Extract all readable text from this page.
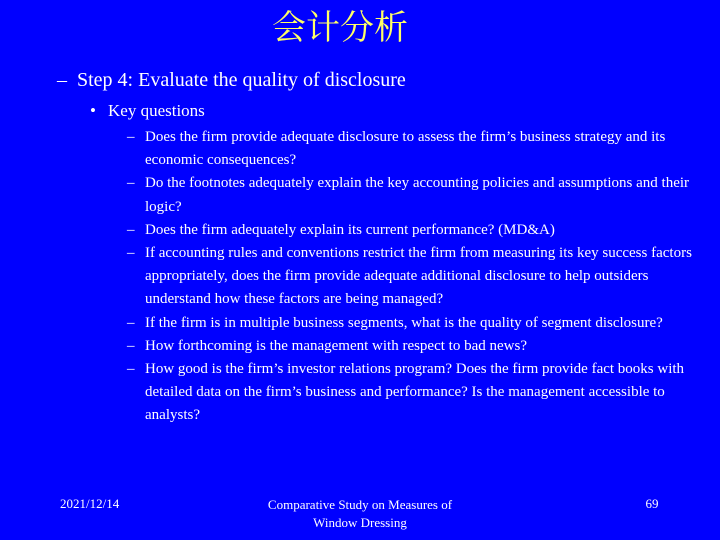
会计分析
– Step 4: Evaluate the quality of disclosure
• Key questions
– Does the firm provide adequate disclosure to assess the firm’s business strategy and its economic consequences?
– Do the footnotes adequately explain the key accounting policies and assumptions and their logic?
– Does the firm adequately explain its current performance? (MD&A)
– If accounting rules and conventions restrict the firm from measuring its key success factors appropriately, does the firm provide adequate additional disclosure to help outsiders understand how these factors are being managed?
– If the firm is in multiple business segments, what is the quality of segment disclosure?
– How forthcoming is the management with respect to bad news?
– How good is the firm’s investor relations program? Does the firm provide fact books with detailed data on the firm’s business and performance? Is the management accessible to analysts?
2021/12/14	Comparative Study on Measures of Window Dressing
69
